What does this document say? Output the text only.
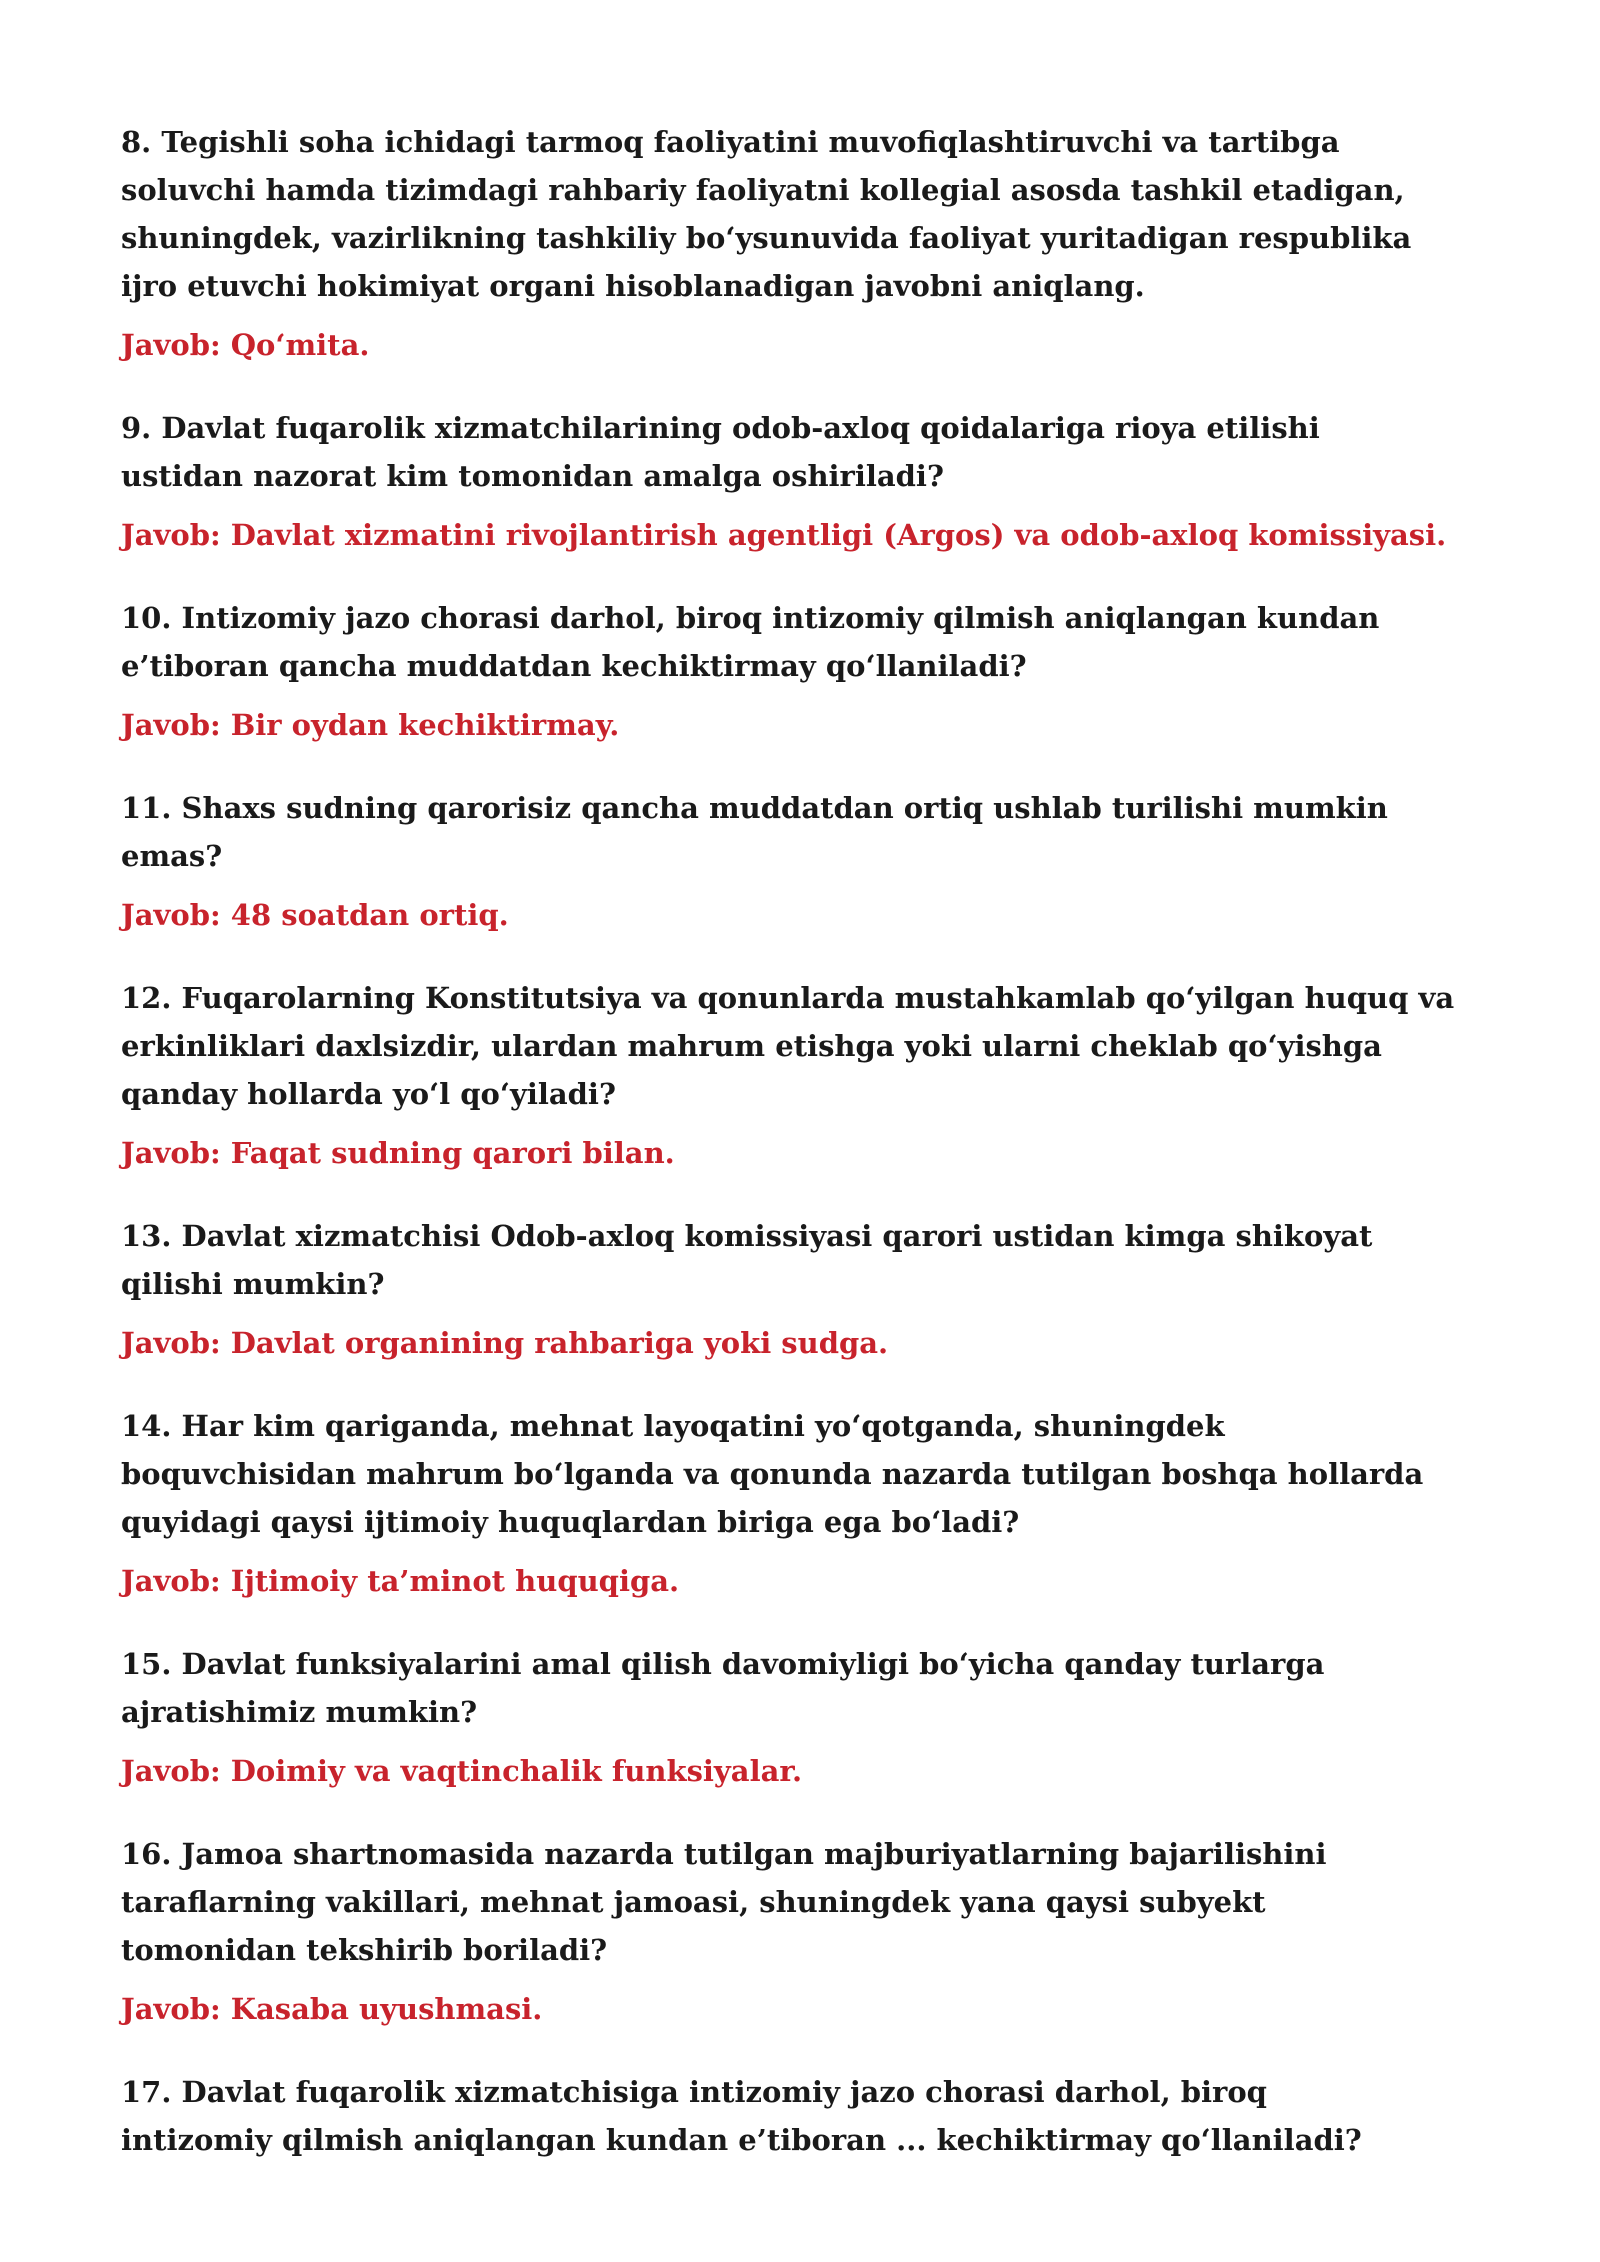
8. Tegishli soha ichidagi tarmoq faoliyatini muvofiqlashtiruvchi va tartibga soluvchi hamda tizimdagi rahbariy faoliyatni kollegial asosda tashkil etadigan, shuningdek, vazirlikning tashkiliy bo‘ysunuvida faoliyat yuritadigan respublika ijro etuvchi hokimiyat organi hisoblanadigan javobni aniqlang.

Javob: Qo‘mita.

9. Davlat fuqarolik xizmatchilarining odob-axloq qoidalariga rioya etilishi ustidan nazorat kim tomonidan amalga oshiriladi?

Javob: Davlat xizmatini rivojlantirish agentligi (Argos) va odob-axloq komissiyasi.

10. Intizomiy jazo chorasi darhol, biroq intizomiy qilmish aniqlangan kundan e’tiboran qancha muddatdan kechiktirmay qo‘llaniladi?

Javob: Bir oydan kechiktirmay.

11. Shaxs sudning qarorisiz qancha muddatdan ortiq ushlab turilishi mumkin emas?

Javob: 48 soatdan ortiq.

12. Fuqarolarning Konstitutsiya va qonunlarda mustahkamlab qo‘yilgan huquq va erkinliklari daxlsizdir, ulardan mahrum etishga yoki ularni cheklab qo‘yishga qanday hollarda yo‘l qo‘yiladi?

Javob: Faqat sudning qarori bilan.

13. Davlat xizmatchisi Odob-axloq komissiyasi qarori ustidan kimga shikoyat qilishi mumkin?

Javob: Davlat organining rahbariga yoki sudga.

14. Har kim qariganda, mehnat layoqatini yo‘qotganda, shuningdek boquvchisidan mahrum bo‘lganda va qonunda nazarda tutilgan boshqa hollarda quyidagi qaysi ijtimoiy huquqlardan biriga ega bo‘ladi?

Javob: Ijtimoiy ta’minot huquqiga.

15. Davlat funksiyalarini amal qilish davomiyligi bo‘yicha qanday turlarga ajratishimiz mumkin?

Javob: Doimiy va vaqtinchalik funksiyalar.

16. Jamoa shartnomasida nazarda tutilgan majburiyatlarning bajarilishini taraflarning vakillari, mehnat jamoasi, shuningdek yana qaysi subyekt tomonidan tekshirib boriladi?

Javob: Kasaba uyushmasi.

17. Davlat fuqarolik xizmatchisiga intizomiy jazo chorasi darhol, biroq intizomiy qilmish aniqlangan kundan e’tiboran ... kechiktirmay qo‘llaniladi?
